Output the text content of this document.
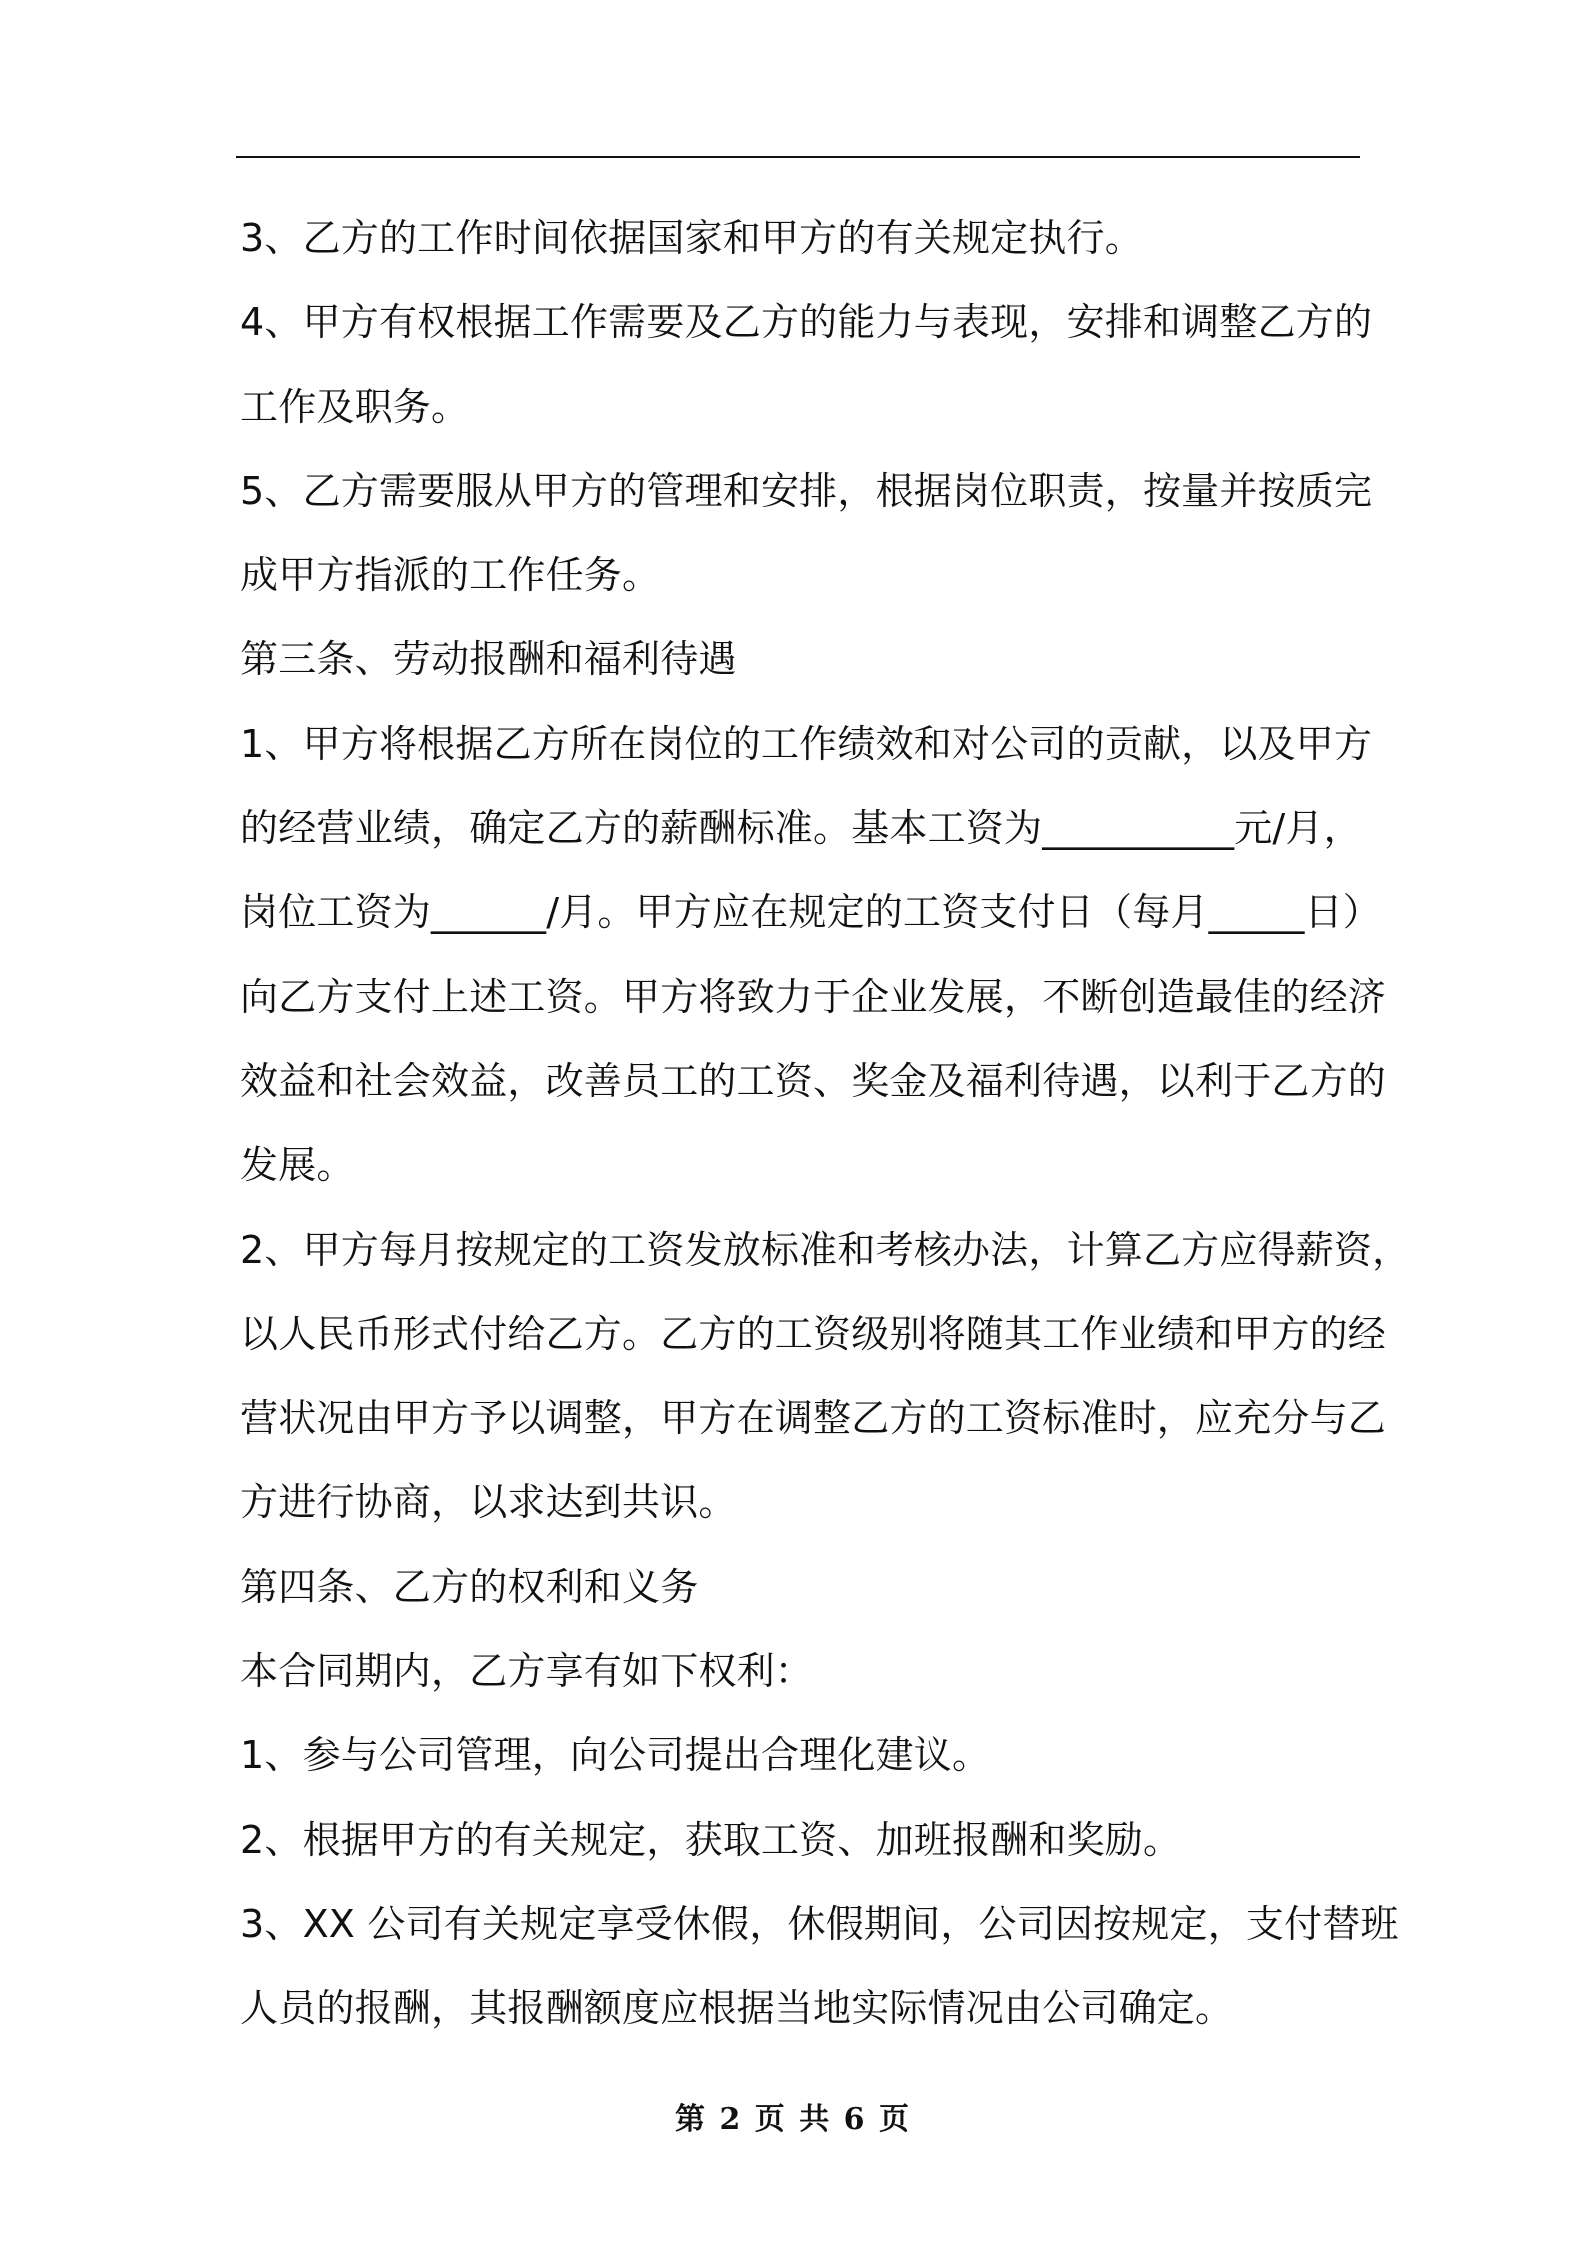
3、乙方的工作时间依据国家和甲方的有关规定执行。
4、甲方有权根据工作需要及乙方的能力与表现，安排和调整乙方的
工作及职务。
5、乙方需要服从甲方的管理和安排，根据岗位职责，按量并按质完
成甲方指派的工作任务。
第三条、劳动报酬和福利待遇
1、甲方将根据乙方所在岗位的工作绩效和对公司的贡献，以及甲方
的经营业绩，确定乙方的薪酬标准。基本工资为__________元/月，
岗位工资为______/月。甲方应在规定的工资支付日（每月_____日）
向乙方支付上述工资。甲方将致力于企业发展，不断创造最佳的经济
效益和社会效益，改善员工的工资、奖金及福利待遇，以利于乙方的
发展。
2、甲方每月按规定的工资发放标准和考核办法，计算乙方应得薪资，
以人民币形式付给乙方。乙方的工资级别将随其工作业绩和甲方的经
营状况由甲方予以调整，甲方在调整乙方的工资标准时，应充分与乙
方进行协商，以求达到共识。
第四条、乙方的权利和义务
本合同期内，乙方享有如下权利：
1、参与公司管理，向公司提出合理化建议。
2、根据甲方的有关规定，获取工资、加班报酬和奖励。
3、XX 公司有关规定享受休假，休假期间，公司因按规定，支付替班
人员的报酬，其报酬额度应根据当地实际情况由公司确定。
第 2 页 共 6 页
